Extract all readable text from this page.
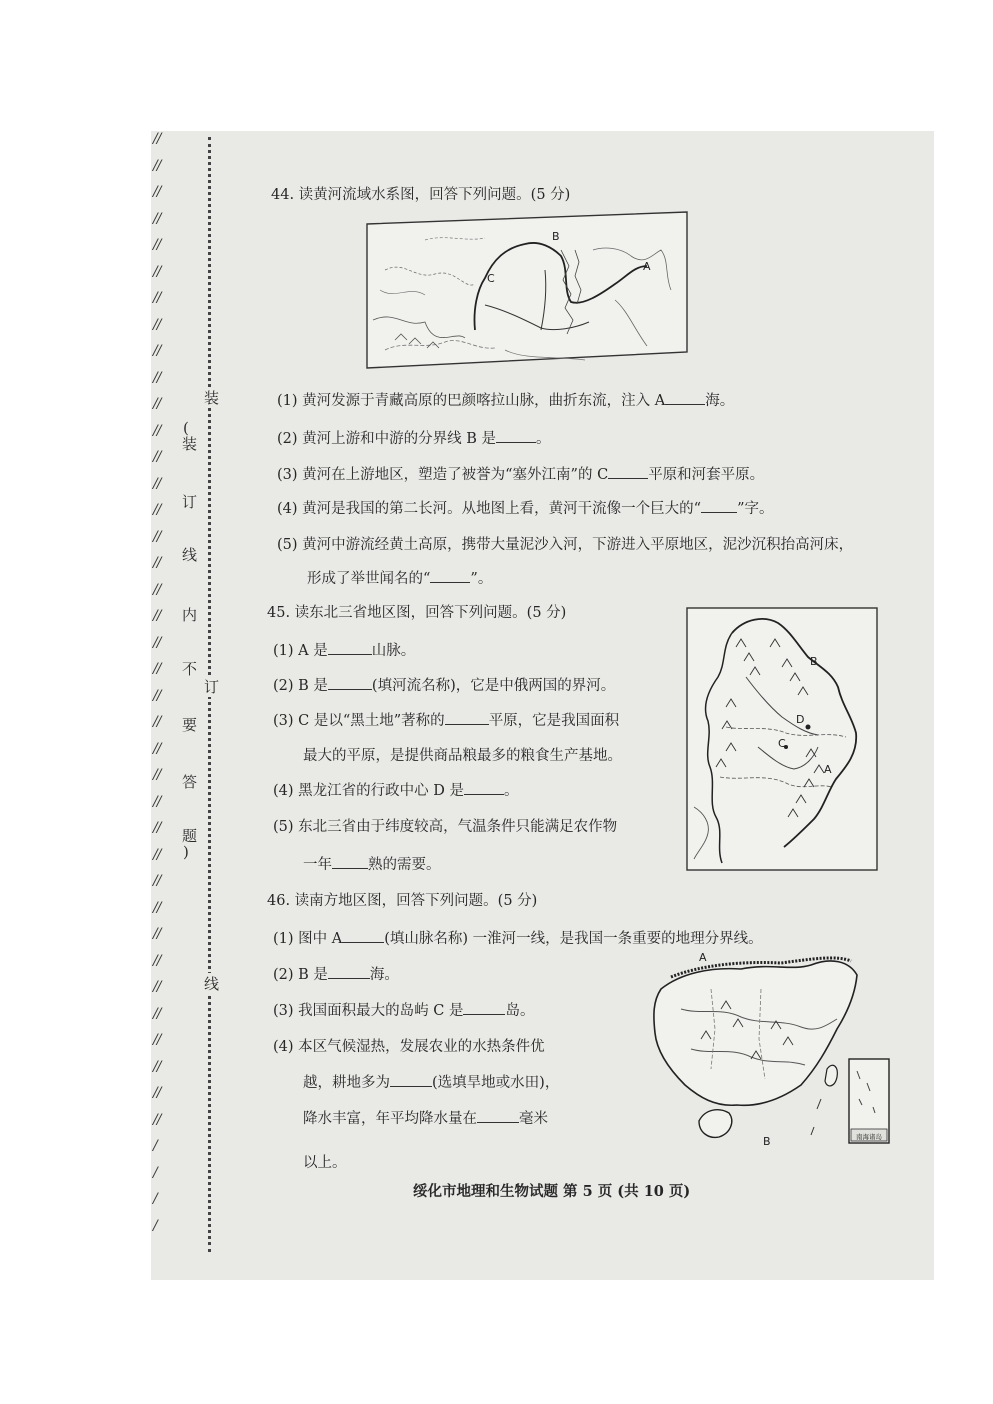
//
//
//
//
//
//
//
//
//
//
//
//
//
//
//
//
//
//
//
//
//
//
//
//
//
//
//
//
//
//
//
//
//
//
//
//
//
//
/
/
/
/
装
订
线
(
装
订
线
内
不
要
答
题
)
44. 读黄河流域水系图，回答下列问题。(5 分)
B
A
C
(1) 黄河发源于青藏高原的巴颜喀拉山脉，曲折东流，注入 A	海。
(2) 黄河上游和中游的分界线 B 是	。
(3) 黄河在上游地区，塑造了被誉为“塞外江南”的 C	平原和河套平原。
(4) 黄河是我国的第二长河。从地图上看，黄河干流像一个巨大的“ ”字。
(5) 黄河中游流经黄土高原，携带大量泥沙入河，下游进入平原地区，泥沙沉积抬高河床，
形成了举世闻名的“	”。
45. 读东北三省地区图，回答下列问题。(5 分)
B
D
C
A
(1) A 是	山脉。
(2) B 是	(填河流名称)，它是中俄两国的界河。
(3) C 是以“黑土地”著称的	平原，它是我国面积
最大的平原，是提供商品粮最多的粮食生产基地。
(4) 黑龙江省的行政中心 D 是	。
(5) 东北三省由于纬度较高，气温条件只能满足农作物
一年 熟的需要。
46. 读南方地区图，回答下列问题。(5 分)
(1) 图中 A	(填山脉名称) 一淮河一线，是我国一条重要的地理分界线。
(2) B 是	海。
(3) 我国面积最大的岛屿 C 是	岛。
(4) 本区气候湿热，发展农业的水热条件优
越，耕地多为	(选填旱地或水田)，
降水丰富，年平均降水量在	毫米
以上。
A
B	南海诸岛
绥化市地理和生物试题 第 5 页 (共 10 页)
